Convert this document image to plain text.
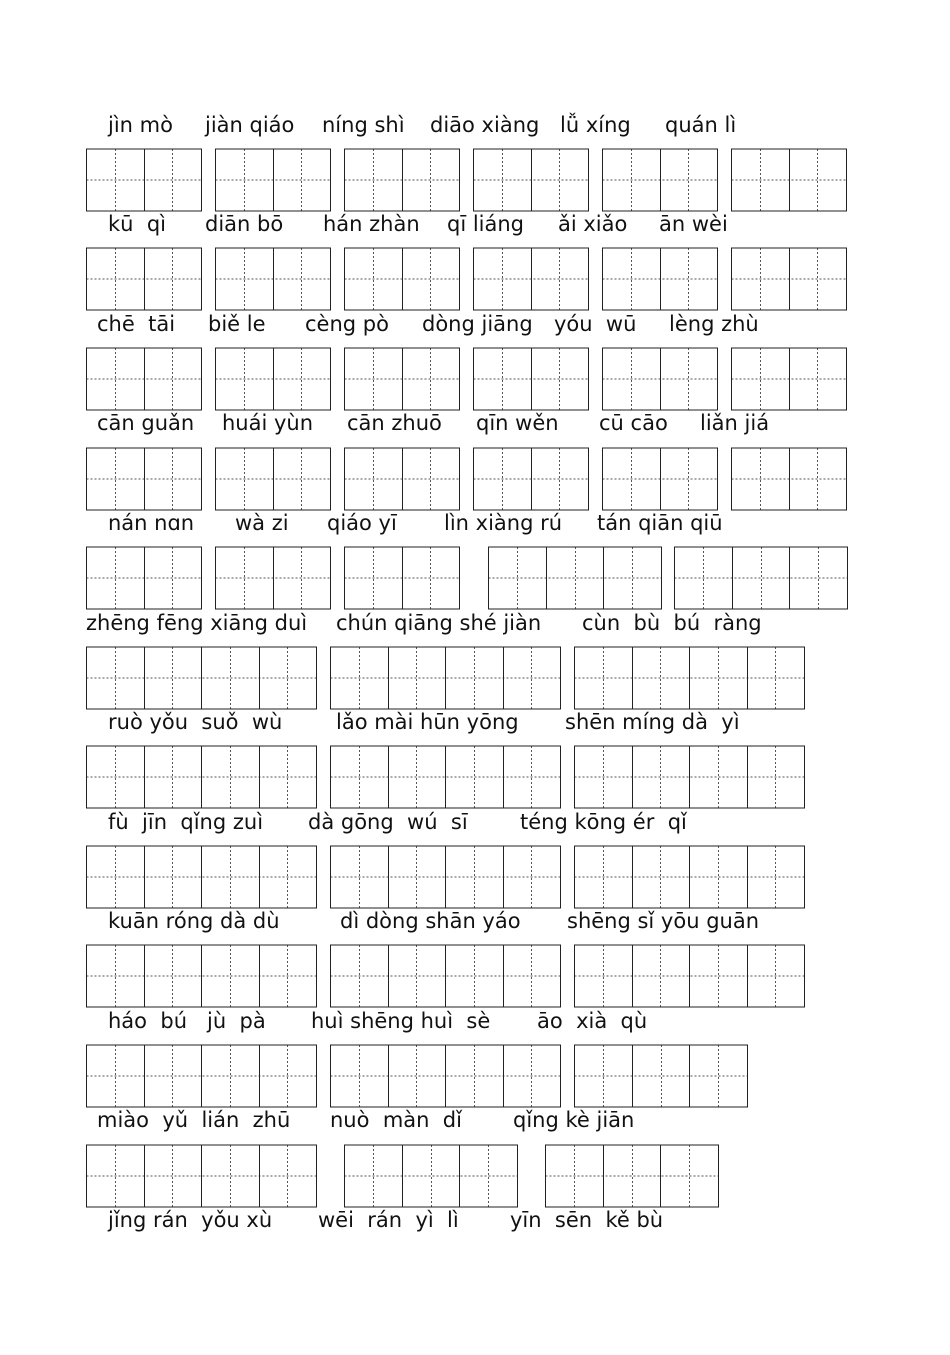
jìn mò

jiàn qiáo

níng shì

diāo xiàng

lǚ xíng

quán lì

kū  qì

diān bō

hán zhàn

qī liáng

ǎi xiǎo

ān wèi

chē  tāi

biě le

cèng pò

dòng jiāng

yóu  wū

lèng zhù

cān guǎn

huái yùn

cān zhuō

qīn wěn

cū cāo

liǎn jiá

nán nɑn

wà zi

qiáo yī

lìn xiàng rú

tán qiān qiū

zhēng fēng xiāng duì

chún qiāng shé jiàn

cùn  bù  bú  ràng

ruò yǒu  suǒ  wù

	lǎo mài hūn yōng

shēn míng dà  yì

fù  jīn  qǐng zuì

dà gōng  wú  sī

téng kōng ér  qǐ

kuān róng dà dù

	dì dòng shān yáo

shēng sǐ yōu guān

háo  bú   jù  pà

huì shēng huì  sè

āo  xià  qù

miào  yǔ  lián  zhū

nuò  màn  dǐ

qǐng kè jiān

jǐng rán  yǒu xù

wēi  rán  yì  lì

yīn  sēn  kě bù
